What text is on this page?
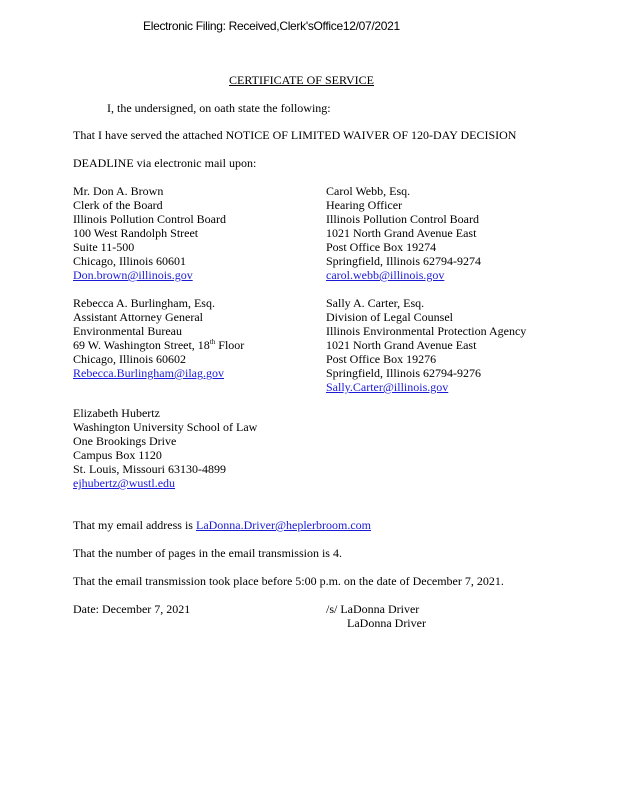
Electronic Filing: Received,Clerk'sOffice12/07/2021
CERTIFICATE OF SERVICE
I, the undersigned, on oath state the following:
That I have served the attached NOTICE OF LIMITED WAIVER OF 120-DAY DECISION
DEADLINE via electronic mail upon:
Mr. Don A. Brown
Clerk of the Board
Illinois Pollution Control Board
100 West Randolph Street
Suite 11-500
Chicago, Illinois 60601
Don.brown@illinois.gov
Carol Webb, Esq.
Hearing Officer
Illinois Pollution Control Board
1021 North Grand Avenue East
Post Office Box 19274
Springfield, Illinois 62794-9274
carol.webb@illinois.gov
Rebecca A. Burlingham, Esq.
Assistant Attorney General
Environmental Bureau
69 W. Washington Street, 18th Floor
Chicago, Illinois 60602
Rebecca.Burlingham@ilag.gov
Sally A. Carter, Esq.
Division of Legal Counsel
Illinois Environmental Protection Agency
1021 North Grand Avenue East
Post Office Box 19276
Springfield, Illinois 62794-9276
Sally.Carter@illinois.gov
Elizabeth Hubertz
Washington University School of Law
One Brookings Drive
Campus Box 1120
St. Louis, Missouri 63130-4899
ejhubertz@wustl.edu
That my email address is LaDonna.Driver@heplerbroom.com
That the number of pages in the email transmission is 4.
That the email transmission took place before 5:00 p.m. on the date of December 7, 2021.
Date: December 7, 2021	/s/ LaDonna Driver
LaDonna Driver
